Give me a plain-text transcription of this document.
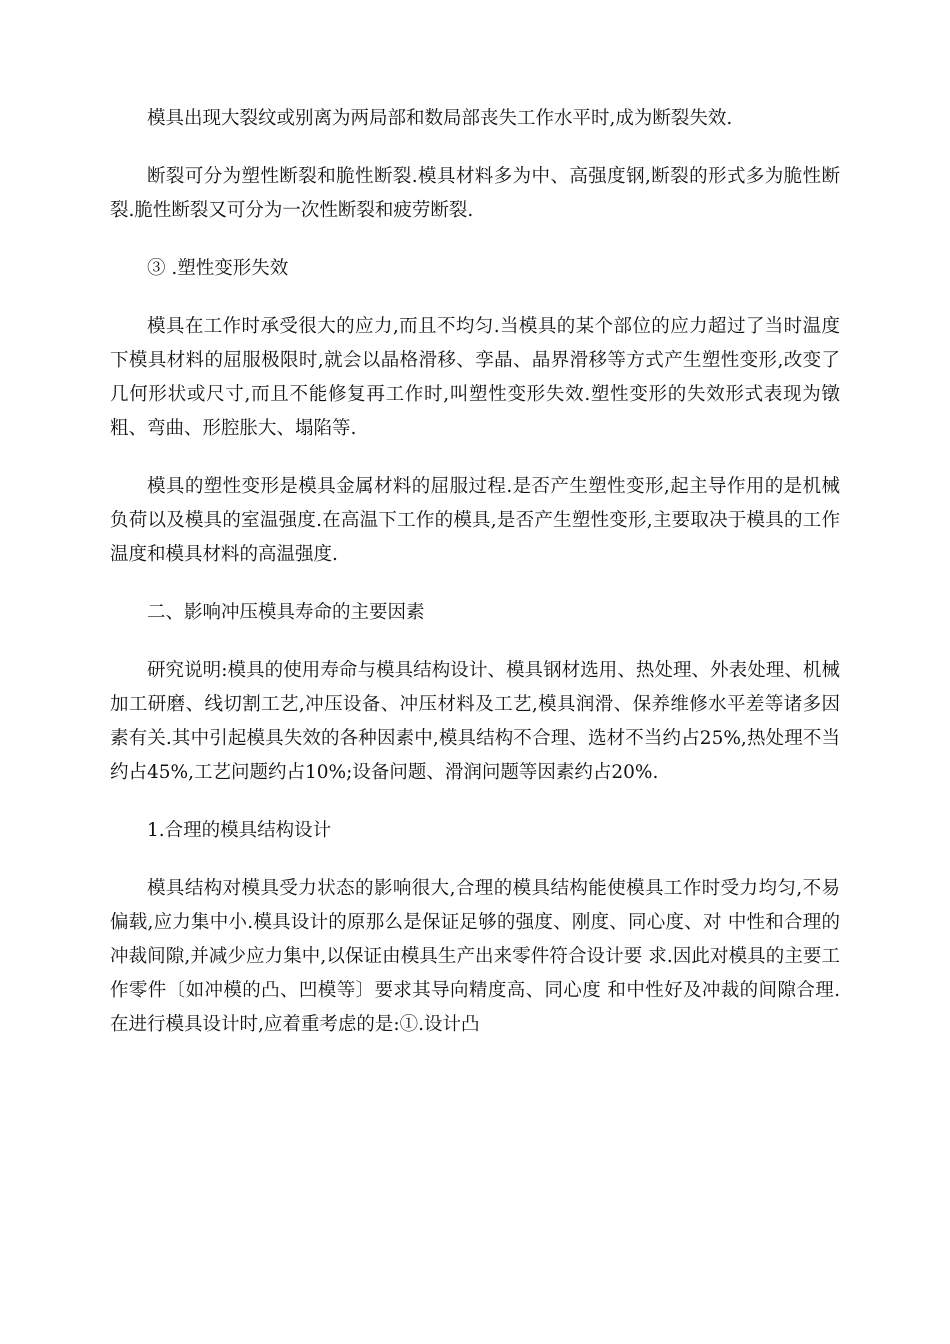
模具出现大裂纹或别离为两局部和数局部丧失工作水平时,成为断裂失效.

断裂可分为塑性断裂和脆性断裂.模具材料多为中、高强度钢,断裂的形式多为脆性断裂.脆性断裂又可分为一次性断裂和疲劳断裂.

③ .塑性变形失效

模具在工作时承受很大的应力,而且不均匀.当模具的某个部位的应力超过了当时温度下模具材料的屈服极限时,就会以晶格滑移、孪晶、晶界滑移等方式产生塑性变形,改变了几何形状或尺寸,而且不能修复再工作时,叫塑性变形失效.塑性变形的失效形式表现为镦粗、弯曲、形腔胀大、塌陷等.

模具的塑性变形是模具金属材料的屈服过程.是否产生塑性变形,起主导作用的是机械负荷以及模具的室温强度.在高温下工作的模具,是否产生塑性变形,主要取决于模具的工作温度和模具材料的高温强度.

二、影响冲压模具寿命的主要因素

研究说明:模具的使用寿命与模具结构设计、模具钢材选用、热处理、外表处理、机械加工研磨、线切割工艺,冲压设备、冲压材料及工艺,模具润滑、保养维修水平差等诸多因素有关.其中引起模具失效的各种因素中,模具结构不合理、选材不当约占25%,热处理不当约占45%,工艺问题约占10%;设备问题、滑润问题等因素约占20%.

1.合理的模具结构设计

模具结构对模具受力状态的影响很大,合理的模具结构能使模具工作时受力均匀,不易偏载,应力集中小.模具设计的原那么是保证足够的强度、刚度、同心度、对 中性和合理的冲裁间隙,并减少应力集中,以保证由模具生产出来零件符合设计要 求.因此对模具的主要工作零件〔如冲模的凸、凹模等〕要求其导向精度高、同心度 和中性好及冲裁的间隙合理.在进行模具设计时,应着重考虑的是:①.设计凸
